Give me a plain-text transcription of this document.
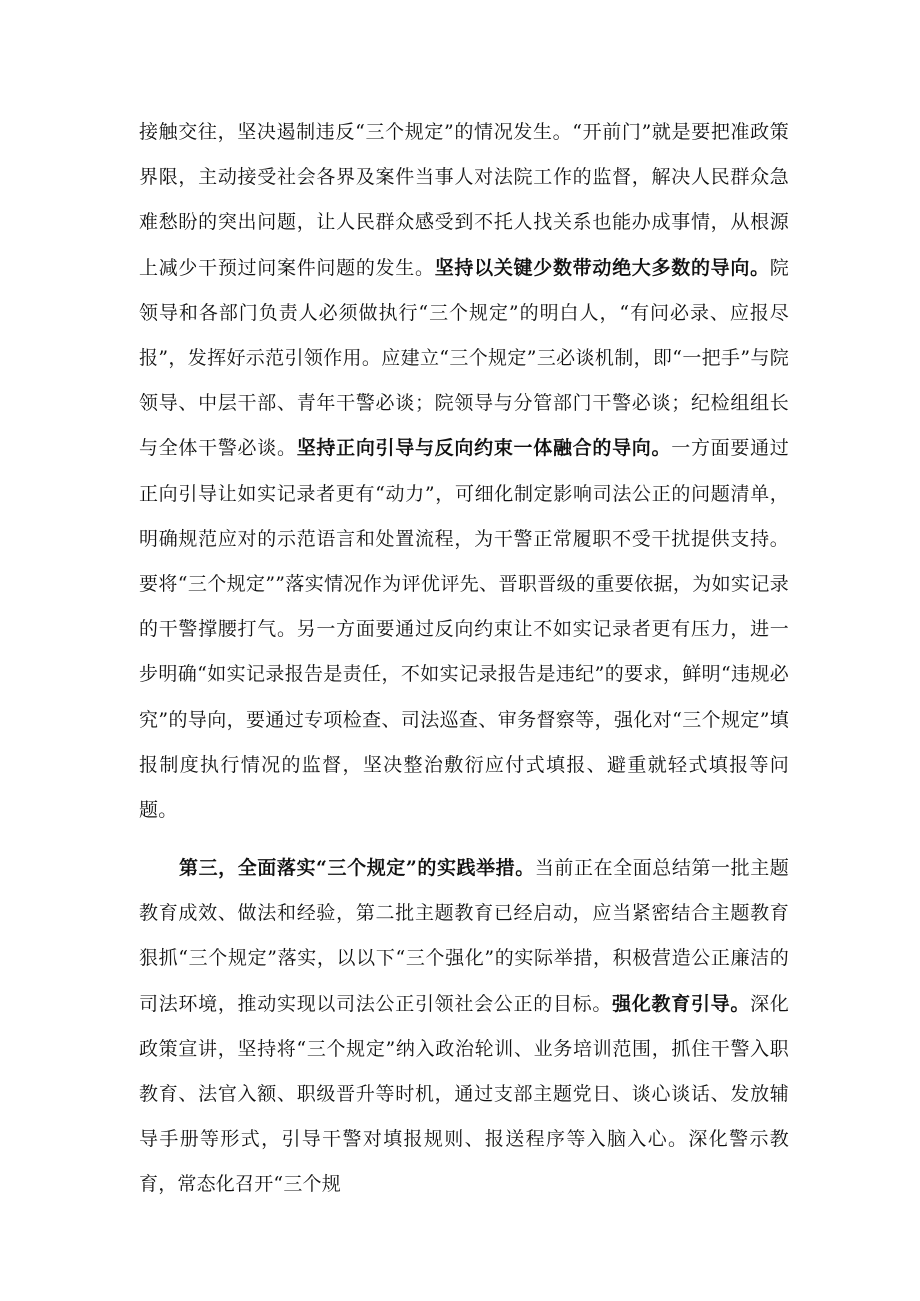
接触交往，坚决遏制违反“三个规定”的情况发生。“开前门”就是要把准政策界限，主动接受社会各界及案件当事人对法院工作的监督，解决人民群众急难愁盼的突出问题，让人民群众感受到不托人找关系也能办成事情，从根源上减少干预过问案件问题的发生。坚持以关键少数带动绝大多数的导向。院领导和各部门负责人必须做执行“三个规定”的明白人，“有问必录、应报尽报”，发挥好示范引领作用。应建立“三个规定”三必谈机制，即“一把手”与院领导、中层干部、青年干警必谈；院领导与分管部门干警必谈；纪检组组长与全体干警必谈。坚持正向引导与反向约束一体融合的导向。一方面要通过正向引导让如实记录者更有“动力”，可细化制定影响司法公正的问题清单，明确规范应对的示范语言和处置流程，为干警正常履职不受干扰提供支持。要将“三个规定””落实情况作为评优评先、晋职晋级的重要依据，为如实记录的干警撑腰打气。另一方面要通过反向约束让不如实记录者更有压力，进一步明确“如实记录报告是责任，不如实记录报告是违纪”的要求，鲜明“违规必究”的导向，要通过专项检查、司法巡查、审务督察等，强化对“三个规定”填报制度执行情况的监督，坚决整治敷衍应付式填报、避重就轻式填报等问题。

第三，全面落实“三个规定”的实践举措。当前正在全面总结第一批主题教育成效、做法和经验，第二批主题教育已经启动，应当紧密结合主题教育狠抓“三个规定”落实，以以下“三个强化”的实际举措，积极营造公正廉洁的司法环境，推动实现以司法公正引领社会公正的目标。强化教育引导。深化政策宣讲，坚持将“三个规定”纳入政治轮训、业务培训范围，抓住干警入职教育、法官入额、职级晋升等时机，通过支部主题党日、谈心谈话、发放辅导手册等形式，引导干警对填报规则、报送程序等入脑入心。深化警示教育，常态化召开“三个规
